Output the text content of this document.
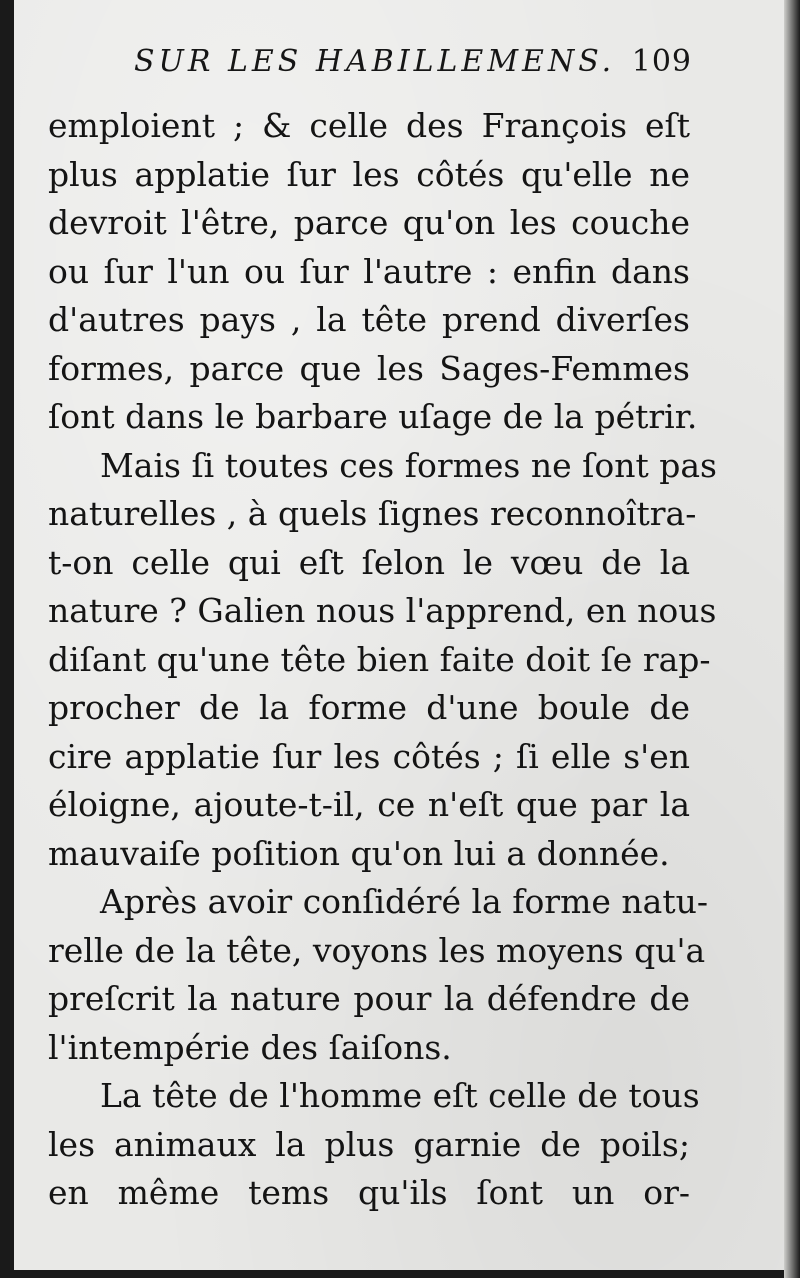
SUR LES HABILLEMENS. 109
emploient ; & celle des François eſt
plus applatie ſur les côtés qu'elle ne
devroit l'être, parce qu'on les couche
ou ſur l'un ou ſur l'autre : enfin dans
d'autres pays , la tête prend diverſes
formes, parce que les Sages-Femmes
ſont dans le barbare uſage de la pétrir.
Mais ſi toutes ces formes ne ſont pas
naturelles , à quels ſignes reconnoîtra-
t-on celle qui eſt ſelon le vœu de la
nature ? Galien nous l'apprend, en nous
diſant qu'une tête bien faite doit ſe rap-
procher de la forme d'une boule de
cire applatie ſur les côtés ; ſi elle s'en
éloigne, ajoute-t-il, ce n'eſt que par la
mauvaiſe poſition qu'on lui a donnée.
Après avoir conſidéré la forme natu-
relle de la tête, voyons les moyens qu'a
preſcrit la nature pour la défendre de
l'intempérie des ſaiſons.
La tête de l'homme eſt celle de tous
les animaux la plus garnie de poils;
en même tems qu'ils ſont un or-
